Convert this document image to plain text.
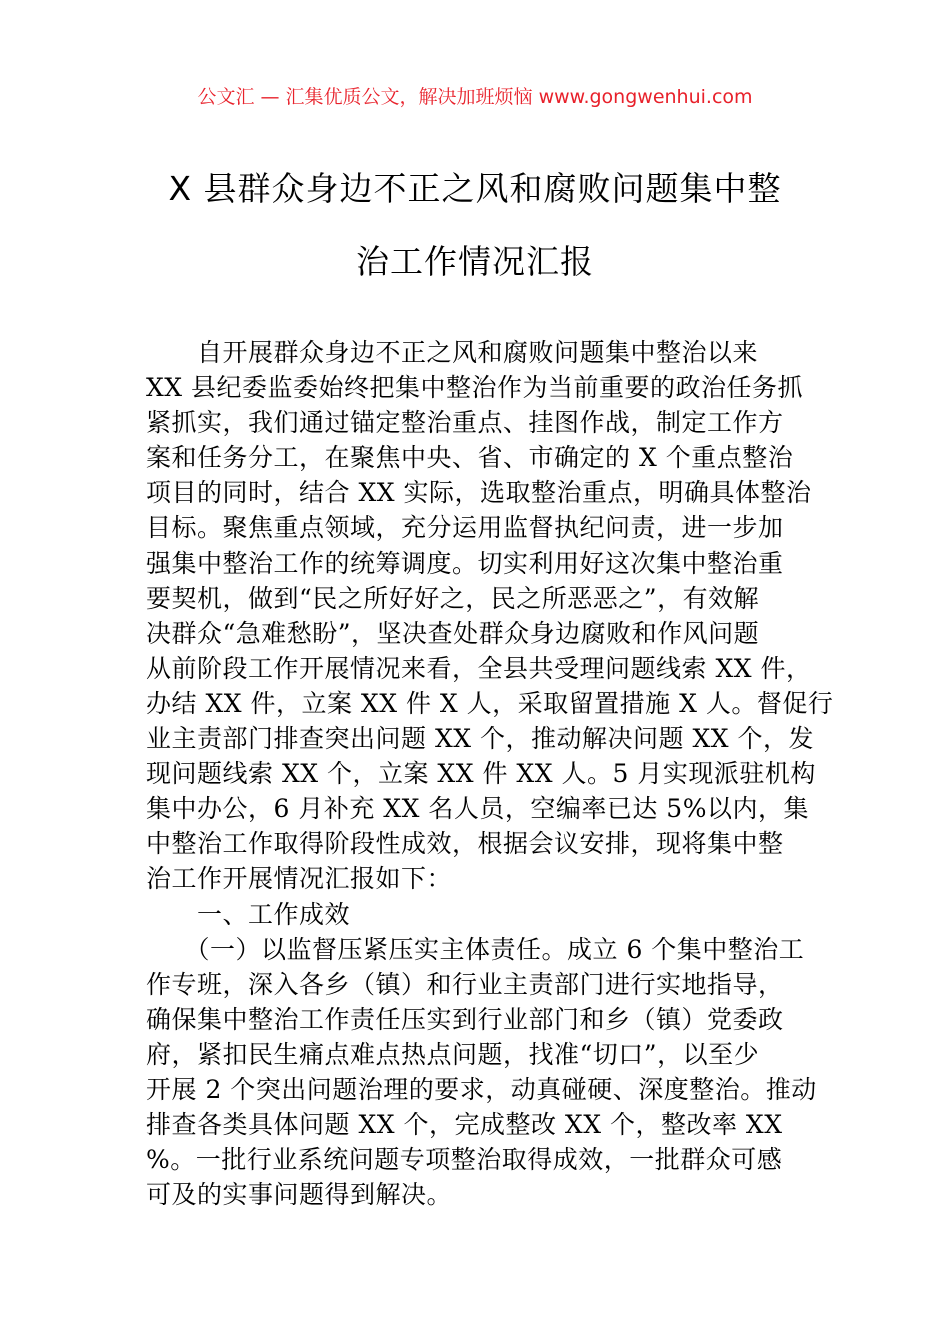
公文汇 — 汇集优质公文，解决加班烦恼 www.gongwenhui.com
X 县群众身边不正之风和腐败问题集中整
治工作情况汇报
　　自开展群众身边不正之风和腐败问题集中整治以来
XX 县纪委监委始终把集中整治作为当前重要的政治任务抓
紧抓实，我们通过锚定整治重点、挂图作战，制定工作方
案和任务分工，在聚焦中央、省、市确定的 X 个重点整治
项目的同时，结合 XX 实际，选取整治重点，明确具体整治
目标。聚焦重点领域，充分运用监督执纪问责，进一步加
强集中整治工作的统筹调度。切实利用好这次集中整治重
要契机，做到“民之所好好之，民之所恶恶之”，有效解
决群众“急难愁盼”，坚决查处群众身边腐败和作风问题
从前阶段工作开展情况来看，全县共受理问题线索 XX 件，
办结 XX 件，立案 XX 件 X 人，采取留置措施 X 人。督促行
业主责部门排查突出问题 XX 个，推动解决问题 XX 个，发
现问题线索 XX 个，立案 XX 件 XX 人。5 月实现派驻机构
集中办公，6 月补充 XX 名人员，空编率已达 5%以内，集
中整治工作取得阶段性成效，根据会议安排，现将集中整
治工作开展情况汇报如下：
　　一、工作成效
　　（一）以监督压紧压实主体责任。成立 6 个集中整治工
作专班，深入各乡（镇）和行业主责部门进行实地指导，
确保集中整治工作责任压实到行业部门和乡（镇）党委政
府，紧扣民生痛点难点热点问题，找准“切口”，以至少
开展 2 个突出问题治理的要求，动真碰硬、深度整治。推动
排查各类具体问题 XX 个，完成整改 XX 个，整改率 XX
%。一批行业系统问题专项整治取得成效，一批群众可感
可及的实事问题得到解决。
